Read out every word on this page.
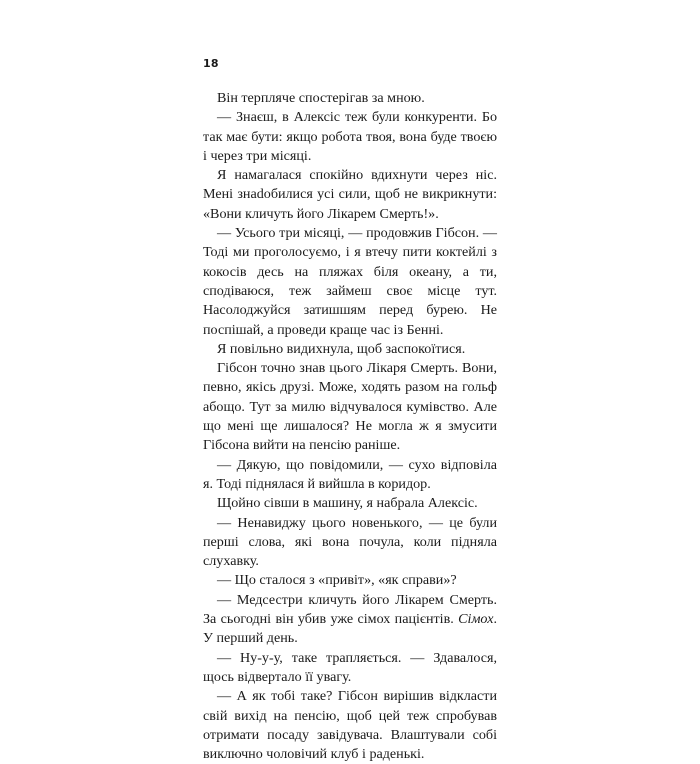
18

Він терпляче спостерігав за мною.

— Знаєш, в Алексіс теж були конкуренти. Бо так має бути: якщо робота твоя, вона буде твоєю і через три місяці.

Я намагалася спокійно вдихнути через ніс. Мені знаdобилися усі сили, щоб не викрикнути: «Вони кличуть його Лікарем Смерть!».

— Усього три місяці, — продовжив Гібсон. — Тоді ми проголосуємо, і я втечу пити коктейлі з кокосів десь на пляжах біля океану, а ти, сподіваюся, теж займеш своє місце тут. Насолоджуйся затишшям перед бурею. Не поспішай, а проведи краще час із Бенні.

Я повільно видихнула, щоб заспокоїтися.

Гібсон точно знав цього Лікаря Смерть. Вони, певно, якісь друзі. Може, ходять разом на гольф абощо. Тут за милю відчувалося кумівство. Але що мені ще лишалося? Не могла ж я змусити Гібсона вийти на пенсію раніше.

— Дякую, що повідомили, — сухо відповіла я. Тоді піднялася й вийшла в коридор.

Щойно сівши в машину, я набрала Алексіс.

— Ненавиджу цього новенького, — це були перші слова, які вона почула, коли підняла слухавку.

— Що сталося з «привіт», «як справи»?

— Медсестри кличуть його Лікарем Смерть. За сьогодні він убив уже сімох пацієнтів. Сімох. У перший день.

— Ну-у-у, таке трапляється. — Здавалося, щось відвертало її увагу.

— А як тобі таке? Гібсон вирішив відкласти свій вихід на пенсію, щоб цей теж спробував отримати посаду завідувача. Влаштували собі виключно чоловічий клуб і раденькі.
